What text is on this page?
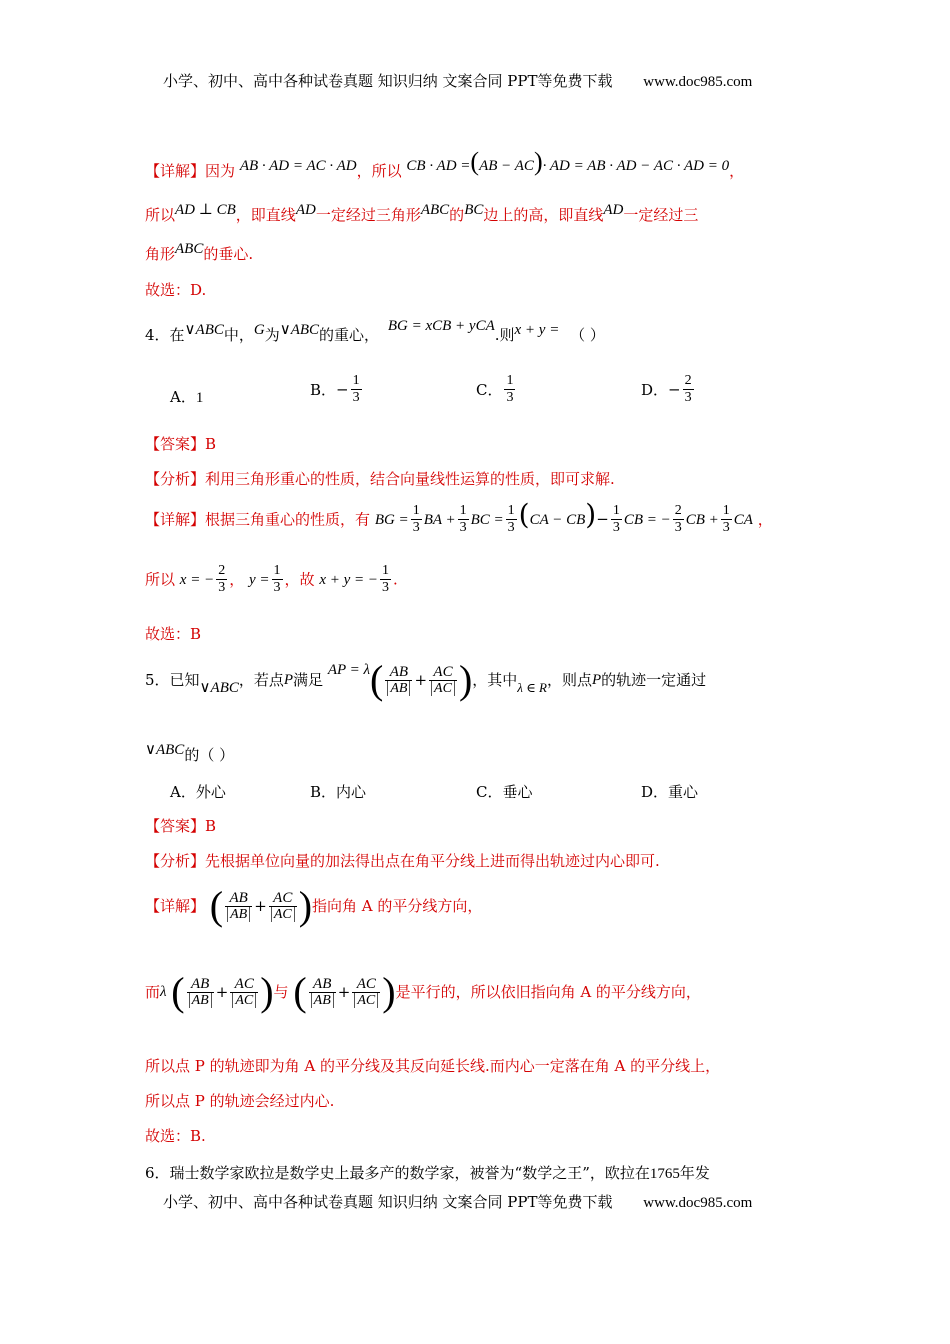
小学、初中、高中各种试卷真题 知识归纳 文案合同 PPT等免费下载 www.doc985.com
【详解】因为 AB · AD = AC · AD，所以 CB · AD =(AB − AC)· AD = AB · AD − AC · AD = 0，
所以AD ⊥ CB，即直线AD一定经过三角形ABC的BC边上的高，即直线AD一定经过三
角形ABC的垂心.
故选：D.
4．在∨ABC中，G为∨ABC的重心， BG = xCB + yCA.则x + y = （ ）
A．1	B．− $\frac{1}{3}$	C． $\frac{1}{3}$	D．− $\frac{2}{3}$
【答案】B
【分析】利用三角形重心的性质，结合向量线性运算的性质，即可求解.
【详解】根据三角重心的性质，有 BG = $\frac{1}{3}$ BA + $\frac{1}{3}$ BC = $\frac{1}{3} (CA - CB)- \frac{1}{3}$ CB = − $\frac{2}{3}$ CB + $\frac{1}{3}$ CA ，
所以 x = − $\frac{2}{3}$ ， $y = \frac{1}{3}$ ，故 x + y = − $\frac{1}{3}$ .
故选：B
5．已知∨ABC，若点P满足 AP = $\lambda( \frac{AB}{AB} + \frac{AC}{AC}$ )，其中λ ∈ R，则点P的轨迹一定通过
∨ABC的（ ）
A．外心	B．内心	C．垂心	D．重心
【答案】B
【分析】先根据单位向量的加法得出点在角平分线上进而得出轨迹过内心即可.
【详解】 ( $\frac{AB}{AB} + \frac{AC}{AC}$ )指向角 A 的平分线方向，
而λ ( $\frac{AB}{AB} + \frac{AC}{AC}$ )与 ( $\frac{AB}{AB} + \frac{AC}{AC}$ )是平行的，所以依旧指向角 A 的平分线方向，
所以点 P 的轨迹即为角 A 的平分线及其反向延长线.而内心一定落在角 A 的平分线上，
所以点 P 的轨迹会经过内心.
故选：B.
6．瑞士数学家欧拉是数学史上最多产的数学家，被誉为“数学之王”，欧拉在1765年发
小学、初中、高中各种试卷真题 知识归纳 文案合同 PPT等免费下载 www.doc985.com
